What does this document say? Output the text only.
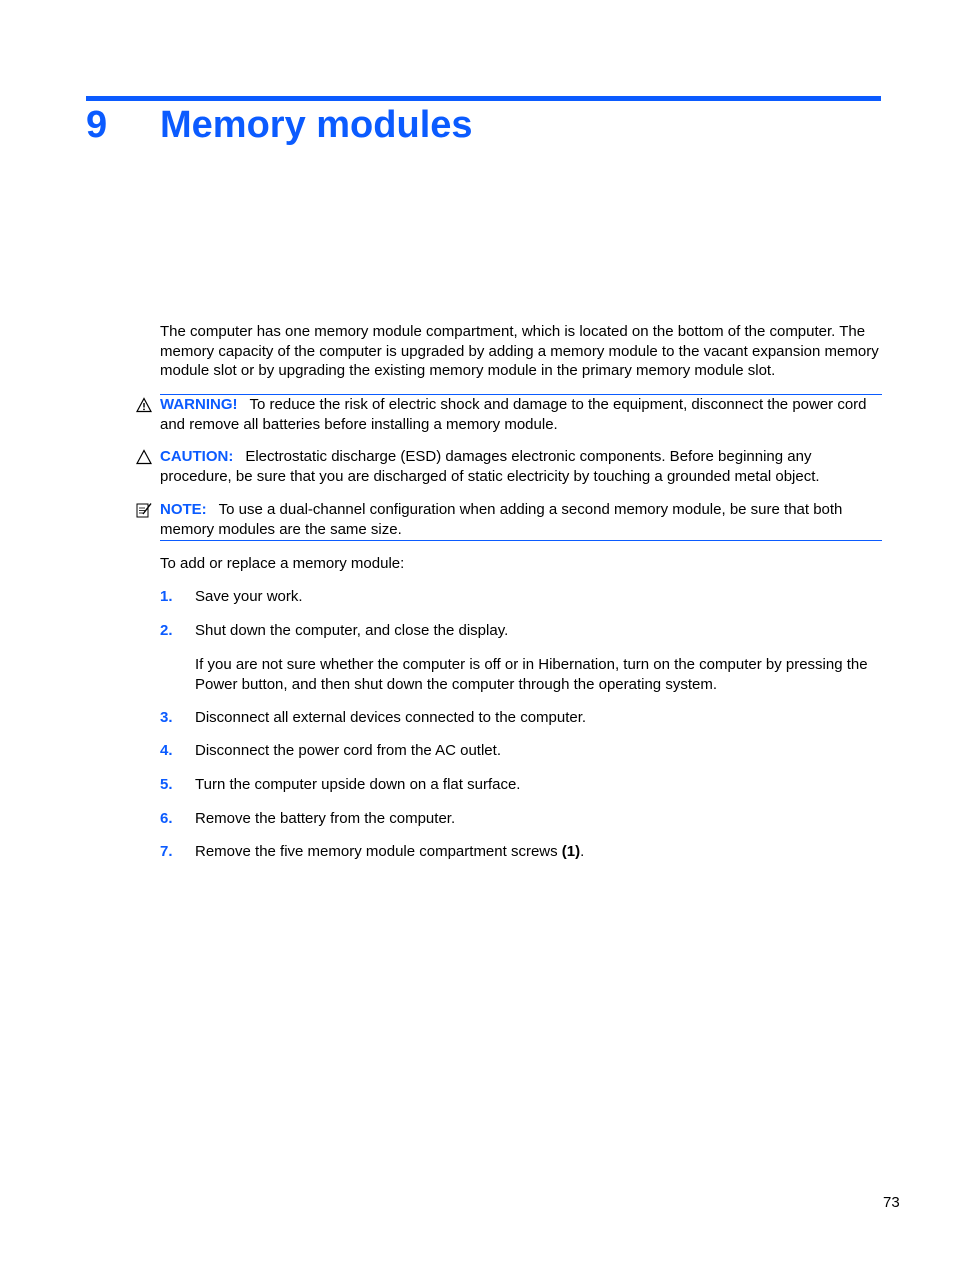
9 Memory modules
The computer has one memory module compartment, which is located on the bottom of the computer. The memory capacity of the computer is upgraded by adding a memory module to the vacant expansion memory module slot or by upgrading the existing memory module in the primary memory module slot.
WARNING! To reduce the risk of electric shock and damage to the equipment, disconnect the power cord and remove all batteries before installing a memory module.
CAUTION: Electrostatic discharge (ESD) damages electronic components. Before beginning any procedure, be sure that you are discharged of static electricity by touching a grounded metal object.
NOTE: To use a dual-channel configuration when adding a second memory module, be sure that both memory modules are the same size.
To add or replace a memory module:
1. Save your work.
2. Shut down the computer, and close the display.
If you are not sure whether the computer is off or in Hibernation, turn on the computer by pressing the Power button, and then shut down the computer through the operating system.
3. Disconnect all external devices connected to the computer.
4. Disconnect the power cord from the AC outlet.
5. Turn the computer upside down on a flat surface.
6. Remove the battery from the computer.
7. Remove the five memory module compartment screws (1).
73
